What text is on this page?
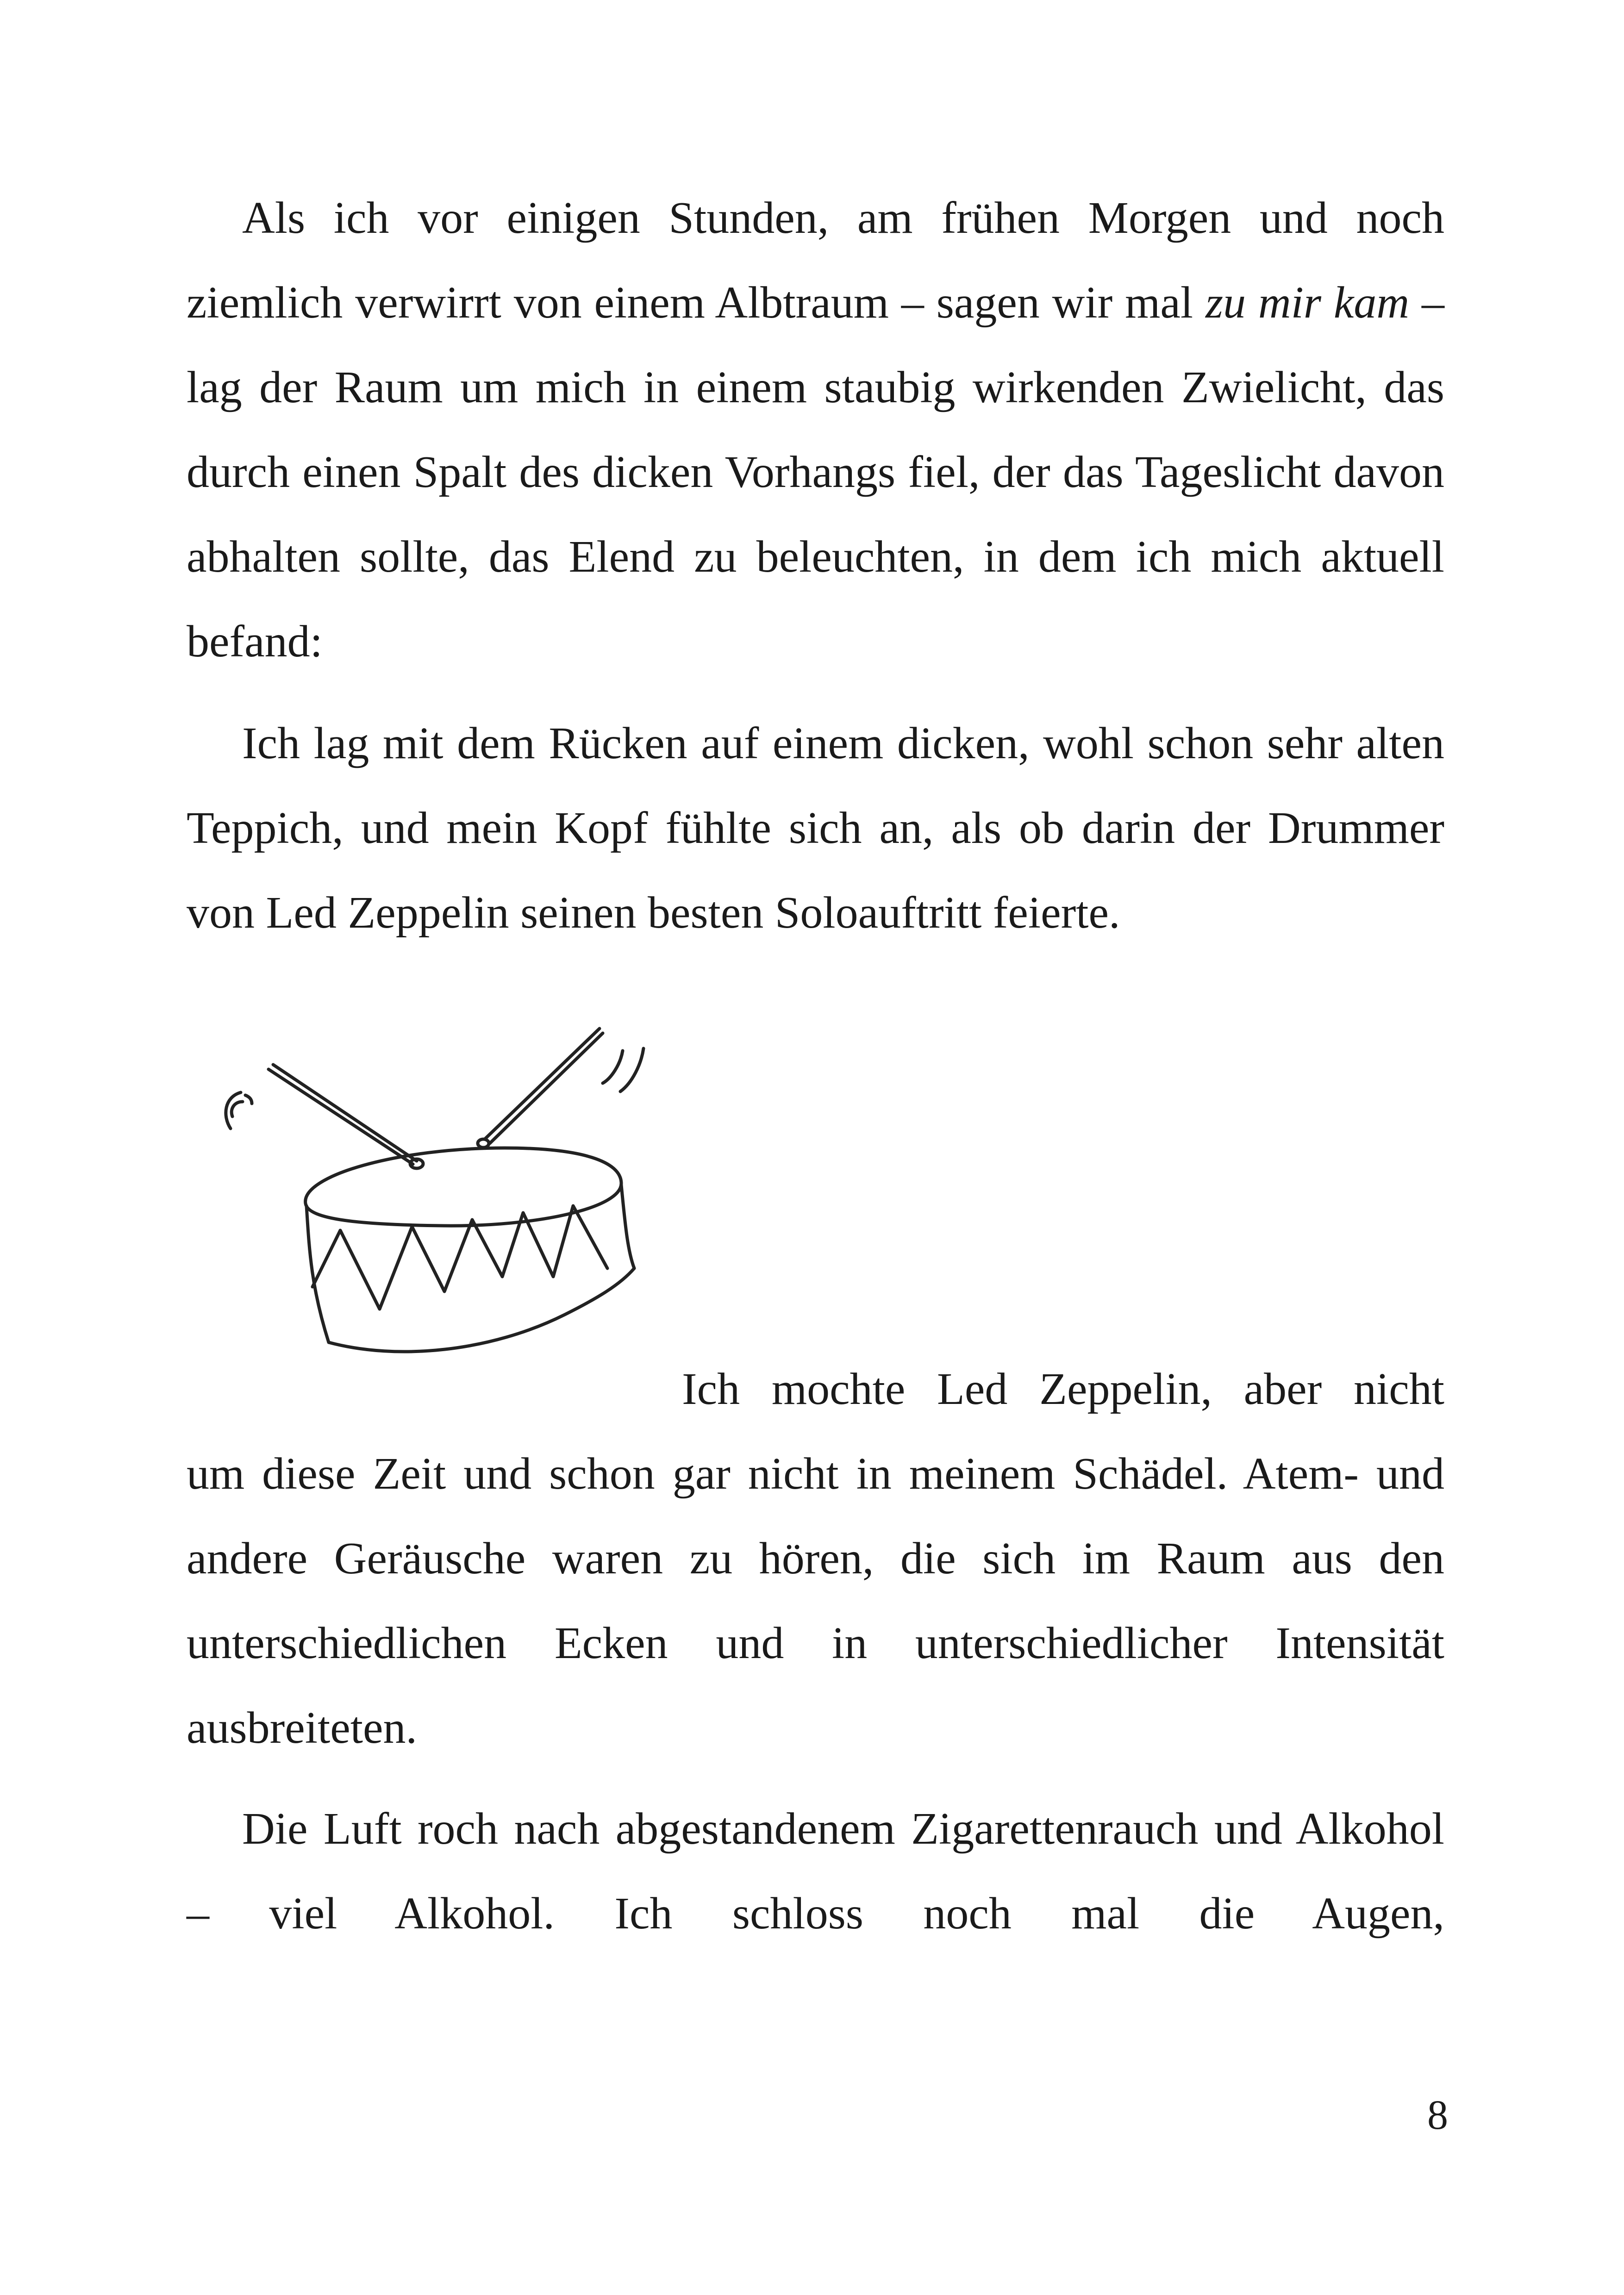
Als ich vor einigen Stunden, am frühen Morgen und noch ziemlich verwirrt von einem Albtraum – sagen wir mal zu mir kam – lag der Raum um mich in einem staubig wirkenden Zwielicht, das durch einen Spalt des dicken Vorhangs fiel, der das Tageslicht davon abhalten sollte, das Elend zu beleuchten, in dem ich mich aktuell befand:

Ich lag mit dem Rücken auf einem dicken, wohl schon sehr alten Teppich, und mein Kopf fühlte sich an, als ob darin der Drummer von Led Zeppelin seinen besten Soloauftritt feierte.

Ich mochte Led Zeppelin, aber nicht
um diese Zeit und schon gar nicht in meinem Schädel. Atem- und andere Geräusche waren zu hören, die sich im Raum aus den unterschiedlichen Ecken und in unterschiedlicher Intensität ausbreiteten.

Die Luft roch nach abgestandenem Zigarettenrauch und Alkohol – viel Alkohol. Ich schloss noch mal die Augen,

8
